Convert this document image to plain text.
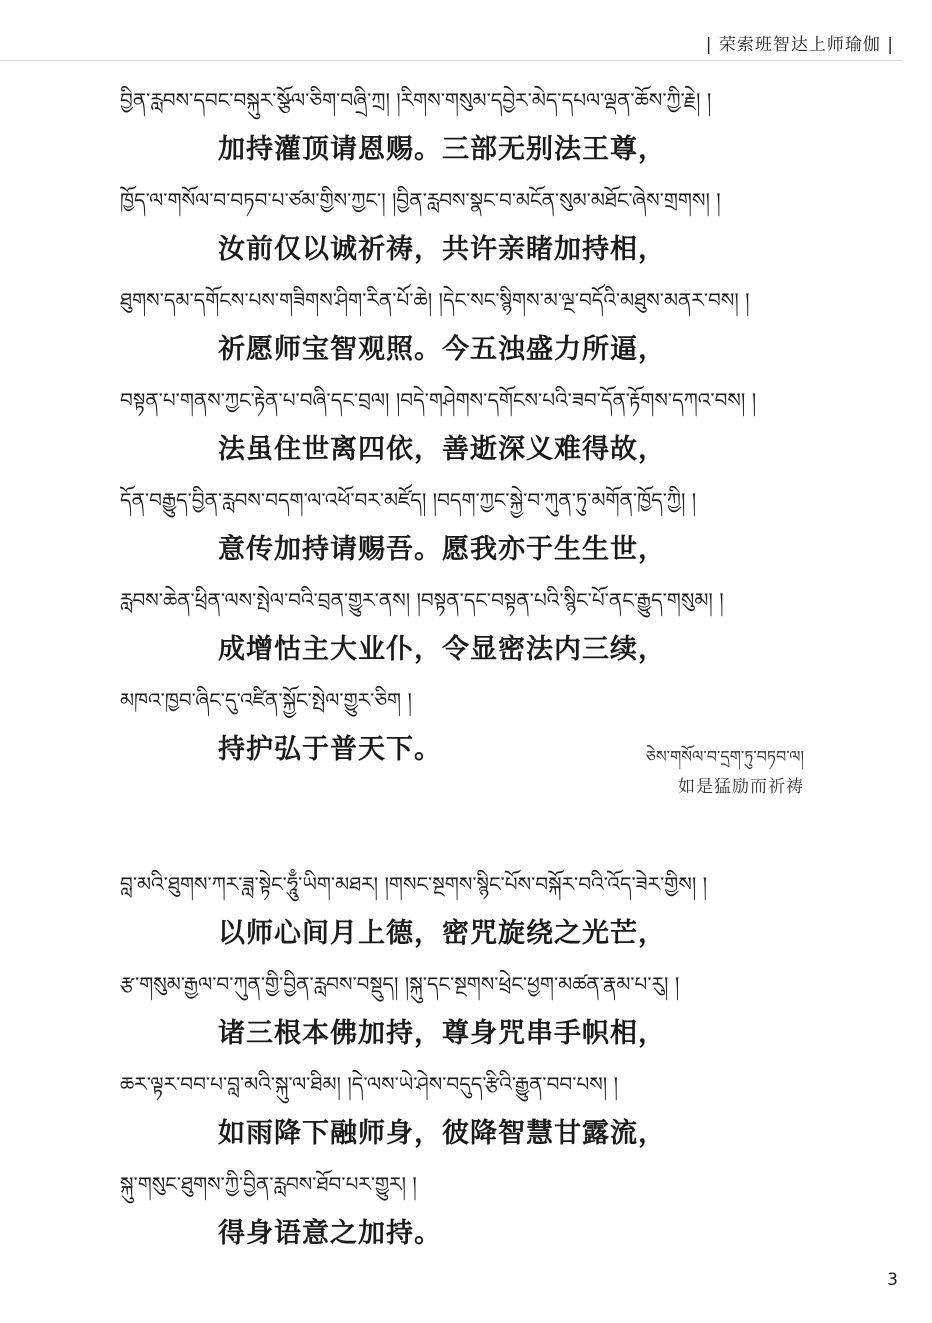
| 荣索班智达上师瑜伽 |
བྱིན་རླབས་དབང་བསྐུར་སྩོལ་ཅིག་བཞྲི་ཀྲ། །རིགས་གསུམ་དབྱེར་མེད་དཔལ་ལྡན་ཆོས་ཀྱི་རྗེ། །
加持灌顶请恩赐。三部无别法王尊，
ཁྱོད་ལ་གསོལ་བ་བཏབ་པ་ཙམ་གྱིས་ཀྱང་། །བྱིན་རླབས་སྣང་བ་མངོན་སུམ་མཐོང་ཞེས་གྲགས། །
汝前仅以诚祈祷，共许亲睹加持相，
ཐུགས་དམ་དགོངས་པས་གཟིགས་ཤིག་རིན་པོ་ཆེ། །དེང་སང་སྙིགས་མ་ལྔ་བདོའི་མཐུས་མནར་བས། །
祈愿师宝智观照。今五浊盛力所逼，
བསྟན་པ་གནས་ཀྱང་རྟེན་པ་བཞི་དང་བྲལ། །བདེ་གཤེགས་དགོངས་པའི་ཟབ་དོན་རྟོགས་དཀའ་བས། །
法虽住世离四依，善逝深义难得故，
དོན་བརྒྱུད་བྱིན་རླབས་བདག་ལ་འཕོ་བར་མཛོད། །བདག་ཀྱང་སྐྱེ་བ་ཀུན་ཏུ་མགོན་ཁྱོད་ཀྱི། །
意传加持请赐吾。愿我亦于生生世，
རླབས་ཆེན་ཕྲིན་ལས་སྤེལ་བའི་བྲན་གྱུར་ནས། །བསྟན་དང་བསྟན་པའི་སྙིང་པོ་ནང་རྒྱུད་གསུམ། །
成增怙主大业仆，令显密法内三续，
མཁའ་ཁྱབ་ཞིང་དུ་འཛིན་སྐྱོང་སྤེལ་གྱུར་ཅིག །
持护弘于普天下。	ཅེས་གསོལ་བ་དྲག་ཏུ་བཏབ་ལ།
如是猛励而祈祷
བླ་མའི་ཐུགས་ཀར་ཟླ་སྟེང་ཧཱུྃ་ཡིག་མཐར། །གསང་སྔགས་སྙིང་པོས་བསྐོར་བའི་འོད་ཟེར་གྱིས། །
以师心间月上德，密咒旋绕之光芒，
རྩ་གསུམ་རྒྱལ་བ་ཀུན་གྱི་བྱིན་རླབས་བསྡུད། །སྐུ་དང་སྔགས་ཕྲེང་ཕྱག་མཚན་རྣམ་པ་རུ། །
诸三根本佛加持，尊身咒串手帜相，
ཆར་ལྟར་བབ་པ་བླ་མའི་སྐུ་ལ་ཐིམ། །དེ་ལས་ཡེ་ཤེས་བདུད་རྩིའི་རྒྱུན་བབ་པས། །
如雨降下融师身，彼降智慧甘露流，
སྐུ་གསུང་ཐུགས་ཀྱི་བྱིན་རླབས་ཐོབ་པར་གྱུར། །
得身语意之加持。
3
